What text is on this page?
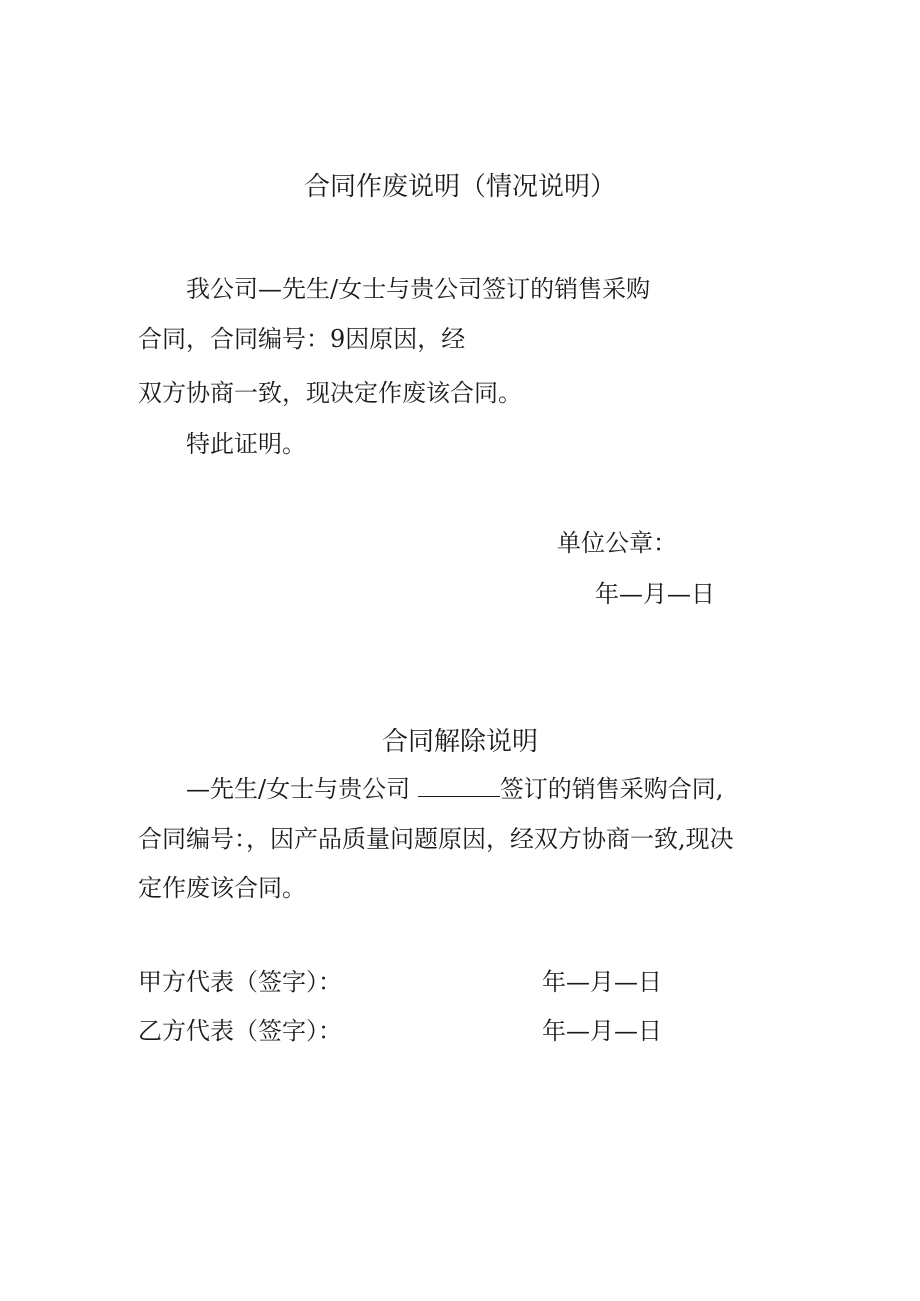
合同作废说明（情况说明）
我公司—先生/女士与贵公司签订的销售采购
合同，合同编号：9因原因，经
双方协商一致，现决定作废该合同。
特此证明。
单位公章：
年—月—日
合同解除说明
—先生/女士与贵公司	签订的销售采购合同,
合同编号：，因产品质量问题原因，经双方协商一致,现决
定作废该合同。
甲方代表（签字）：	年—月—日
乙方代表（签字）：	年—月—日
